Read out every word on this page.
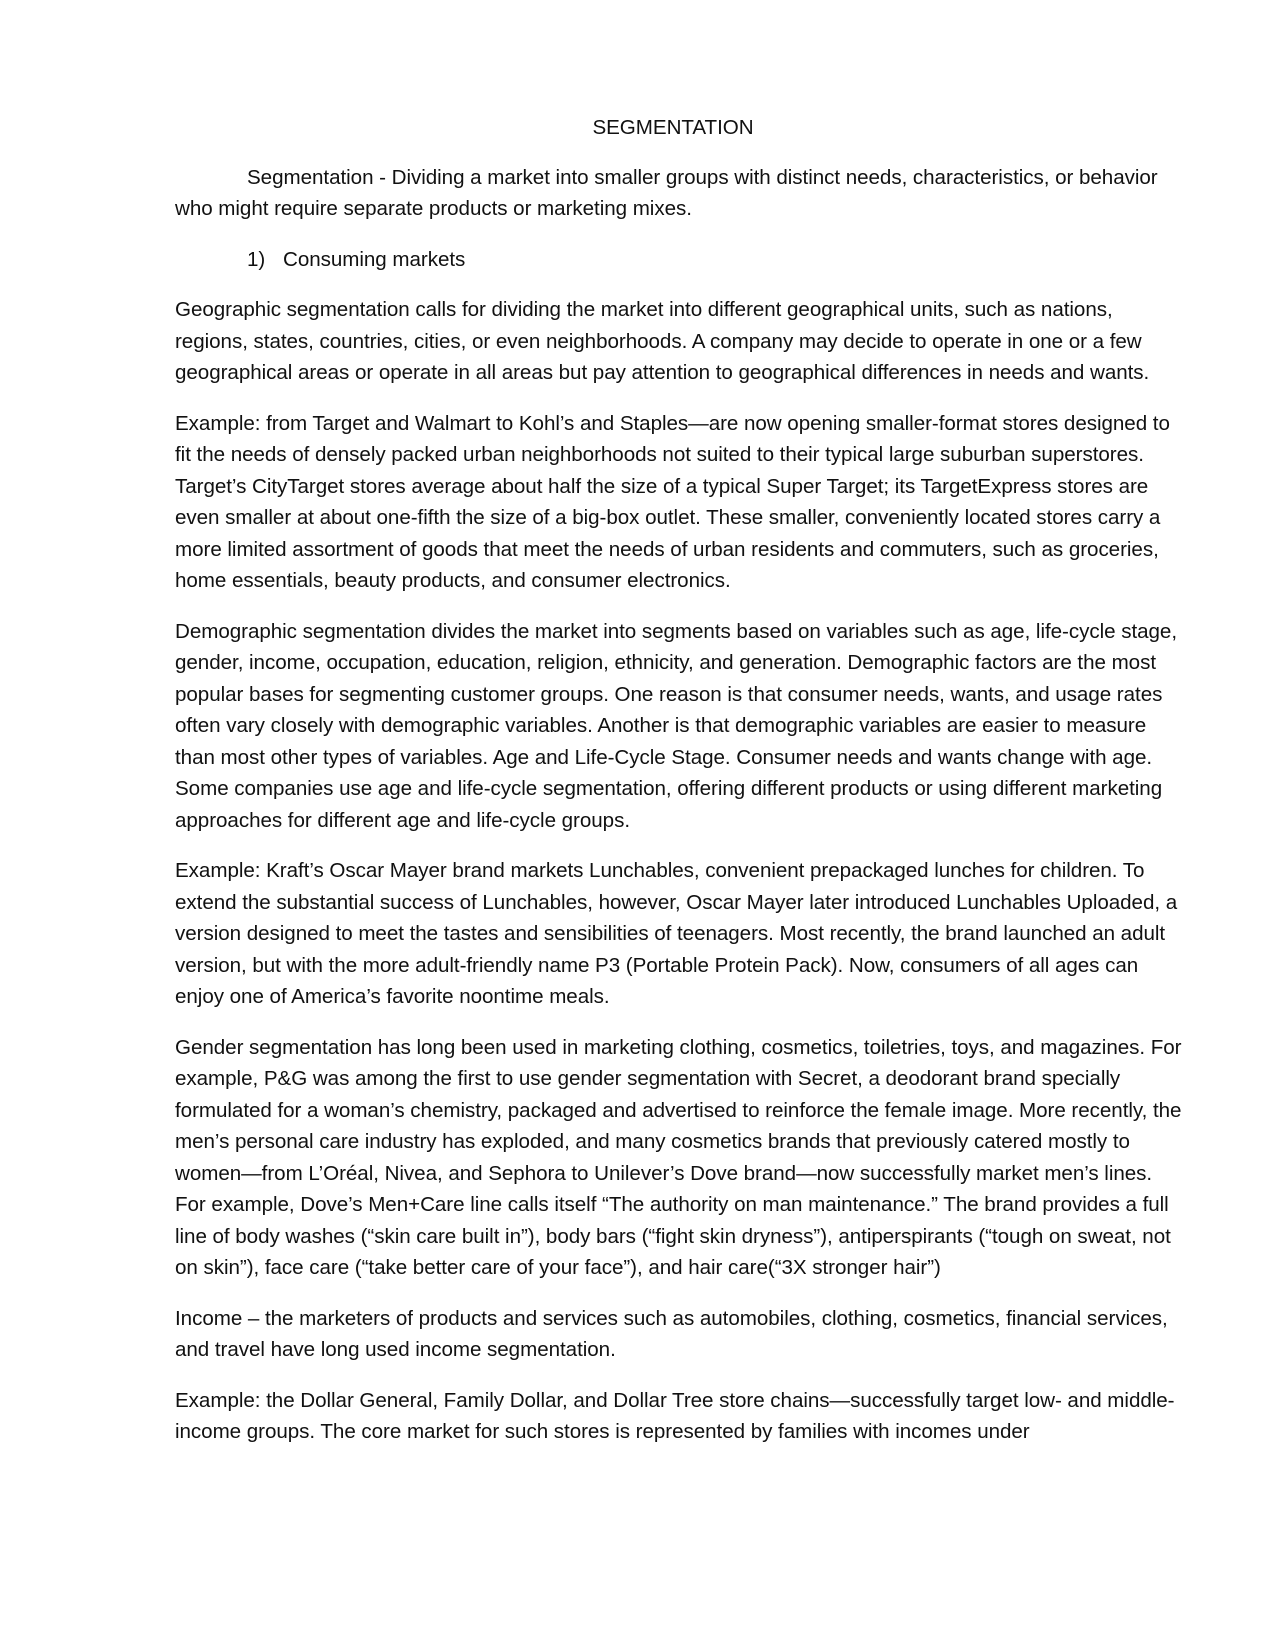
SEGMENTATION

Segmentation - Dividing a market into smaller groups with distinct needs, characteristics, or behavior who might require separate products or marketing mixes.

1) Consuming markets

Geographic segmentation calls for dividing the market into different geographical units, such as nations, regions, states, countries, cities, or even neighborhoods. A company may decide to operate in one or a few geographical areas or operate in all areas but pay attention to geographical differences in needs and wants.

Example: from Target and Walmart to Kohl’s and Staples—are now opening smaller-format stores designed to fit the needs of densely packed urban neighborhoods not suited to their typical large suburban superstores. Target’s CityTarget stores average about half the size of a typical Super Target; its TargetExpress stores are even smaller at about one-fifth the size of a big-box outlet. These smaller, conveniently located stores carry a more limited assortment of goods that meet the needs of urban residents and commuters, such as groceries, home essentials, beauty products, and consumer electronics.

Demographic segmentation divides the market into segments based on variables such as age, life-cycle stage, gender, income, occupation, education, religion, ethnicity, and generation. Demographic factors are the most popular bases for segmenting customer groups. One reason is that consumer needs, wants, and usage rates often vary closely with demographic variables. Another is that demographic variables are easier to measure than most other types of variables. Age and Life-Cycle Stage. Consumer needs and wants change with age. Some companies use age and life-cycle segmentation, offering different products or using different marketing approaches for different age and life-cycle groups.

Example: Kraft’s Oscar Mayer brand markets Lunchables, convenient prepackaged lunches for children. To extend the substantial success of Lunchables, however, Oscar Mayer later introduced Lunchables Uploaded, a version designed to meet the tastes and sensibilities of teenagers. Most recently, the brand launched an adult version, but with the more adult-friendly name P3 (Portable Protein Pack). Now, consumers of all ages can enjoy one of America’s favorite noontime meals.

Gender segmentation has long been used in marketing clothing, cosmetics, toiletries, toys, and magazines. For example, P&G was among the first to use gender segmentation with Secret, a deodorant brand specially formulated for a woman’s chemistry, packaged and advertised to reinforce the female image. More recently, the men’s personal care industry has exploded, and many cosmetics brands that previously catered mostly to women—from L’Oréal, Nivea, and Sephora to Unilever’s Dove brand—now successfully market men’s lines. For example, Dove’s Men+Care line calls itself “The authority on man maintenance.” The brand provides a full line of body washes (“skin care built in”), body bars (“fight skin dryness”), antiperspirants (“tough on sweat, not on skin”), face care (“take better care of your face”), and hair care(“3X stronger hair”)

Income – the marketers of products and services such as automobiles, clothing, cosmetics, financial services, and travel have long used income segmentation.

Example: the Dollar General, Family Dollar, and Dollar Tree store chains—successfully target low- and middle-income groups. The core market for such stores is represented by families with incomes under
